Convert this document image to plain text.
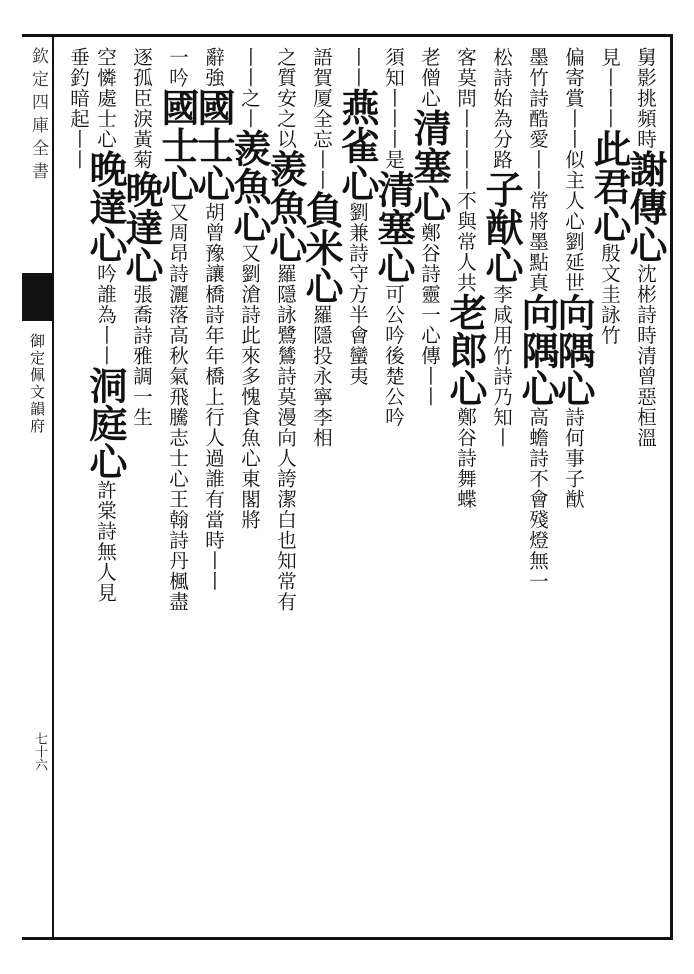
欽定四庫全書
御定佩文韻府
七十六
舅影挑頻時謝傳心沈彬詩時清曾惡桓溫
見丨丨丨此君心殷文圭詠竹
偏寄賞丨丨似主人心劉延世向隅心詩何事子猷
墨竹詩酷愛丨丨常將墨點真向隅心高蟾詩不會殘燈無一
松詩始為分路子猷心李咸用竹詩乃知丨
客莫問丨丨丨丨不與常人共老郎心鄭谷詩舞蝶
老僧心清塞心鄭谷詩靈一心傳丨丨
須知丨丨丨是清塞心可公吟後楚公吟
丨丨燕雀心劉兼詩守方半會蠻夷
語賀厦全忘丨丨負米心羅隱投永寧李相
之質安之以羨魚心羅隱詠鷺鷥詩莫漫向人誇潔白也知常有
丨丨之丨羨魚心又劉滄詩此來多愧食魚心東閣將
辭強國士心胡曾豫讓橋詩年年橋上行人過誰有當時丨丨
一吟國士心又周昂詩灑落高秋氣飛騰志士心王翰詩丹楓盡
逐孤臣淚黃菊晚達心張喬詩雅調一生
空憐處士心晚達心吟誰為丨丨洞庭心許棠詩無人見
垂釣暗起丨丨
